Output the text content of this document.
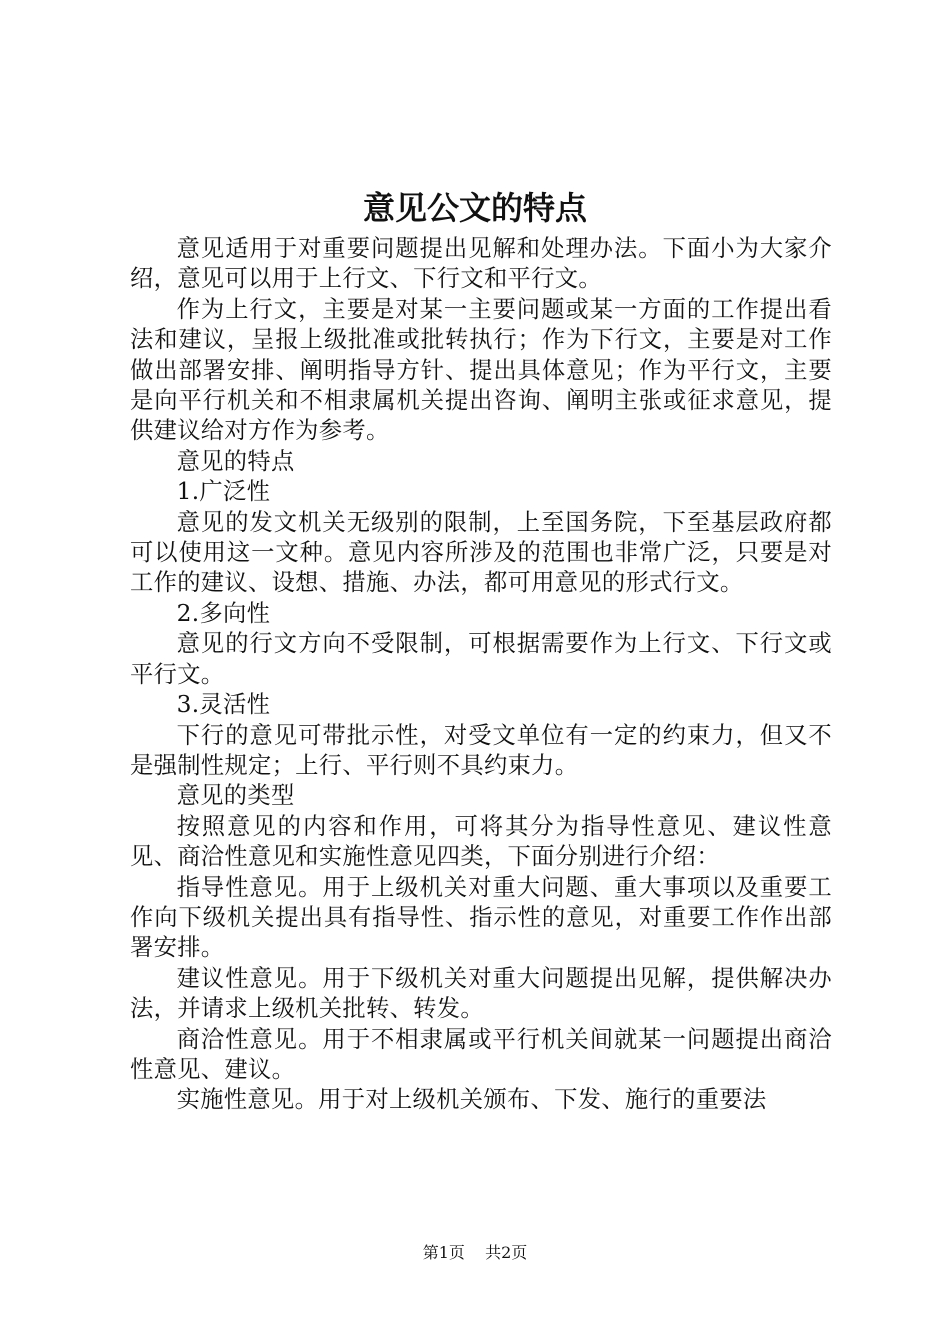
意见公文的特点

意见适用于对重要问题提出见解和处理办法。下面小为大家介绍，意见可以用于上行文、下行文和平行文。

作为上行文，主要是对某一主要问题或某一方面的工作提出看法和建议，呈报上级批准或批转执行；作为下行文，主要是对工作做出部署安排、阐明指导方针、提出具体意见；作为平行文，主要是向平行机关和不相隶属机关提出咨询、阐明主张或征求意见，提供建议给对方作为参考。

意见的特点

1.广泛性

意见的发文机关无级别的限制，上至国务院，下至基层政府都可以使用这一文种。意见内容所涉及的范围也非常广泛，只要是对工作的建议、设想、措施、办法，都可用意见的形式行文。

2.多向性

意见的行文方向不受限制，可根据需要作为上行文、下行文或平行文。

3.灵活性

下行的意见可带批示性，对受文单位有一定的约束力，但又不是强制性规定；上行、平行则不具约束力。

意见的类型

按照意见的内容和作用，可将其分为指导性意见、建议性意见、商洽性意见和实施性意见四类，下面分别进行介绍：

指导性意见。用于上级机关对重大问题、重大事项以及重要工作向下级机关提出具有指导性、指示性的意见，对重要工作作出部署安排。

建议性意见。用于下级机关对重大问题提出见解，提供解决办法，并请求上级机关批转、转发。

商洽性意见。用于不相隶属或平行机关间就某一问题提出商洽性意见、建议。

实施性意见。用于对上级机关颁布、下发、施行的重要法

第1页 共2页
